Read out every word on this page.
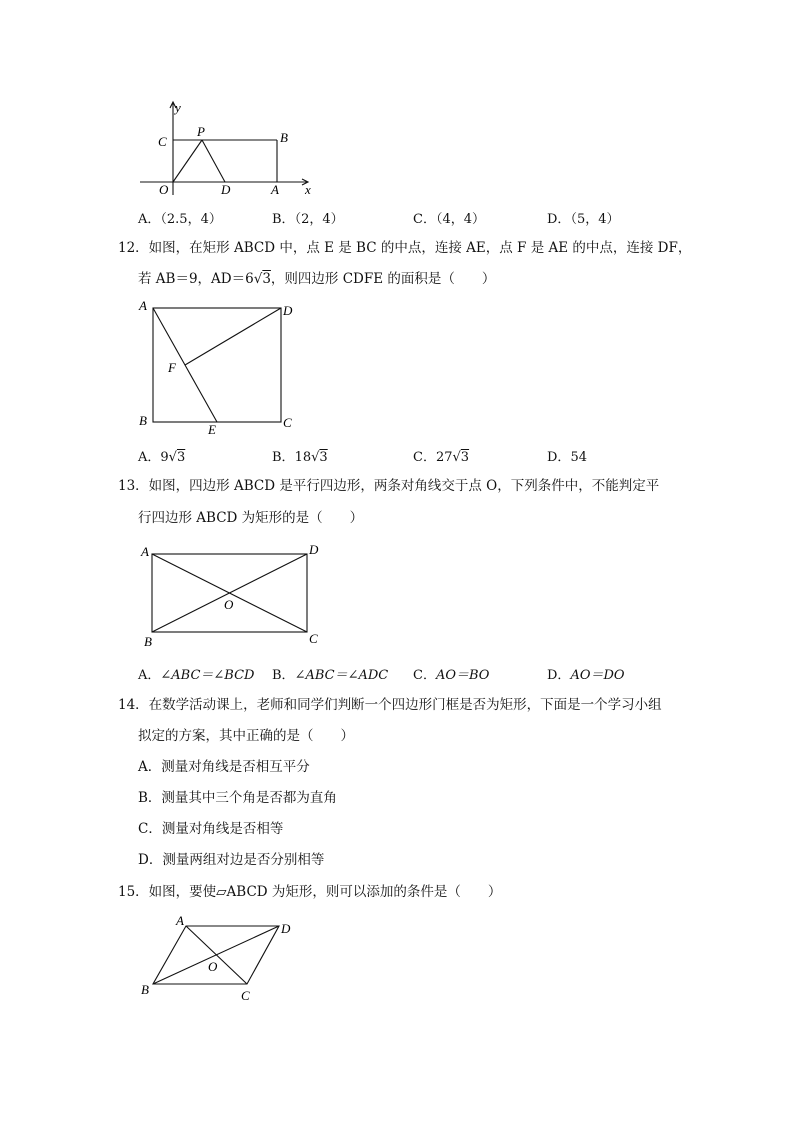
y
C
P	B
O	D	A x
A．（2.5，4）	B．（2，4）	C．（4，4）	D．（5，4）
12．如图，在矩形 ABCD 中，点 E 是 BC 的中点，连接 AE，点 F 是 AE 的中点，连接 DF，
若 AB＝9，AD＝6√3，则四边形 CDFE 的面积是（　　）
A	D
F
B
E	C
A．9√3	B．18√3	C．27√3	D．54
13．如图，四边形 ABCD 是平行四边形，两条对角线交于点 O，下列条件中，不能判定平
行四边形 ABCD 为矩形的是（　　）
A	D
O
B	C
A．∠ABC＝∠BCD B．∠ABC＝∠ADC C．AO＝BO	D．AO＝DO
14．在数学活动课上，老师和同学们判断一个四边形门框是否为矩形，下面是一个学习小组
拟定的方案，其中正确的是（　　）
A．测量对角线是否相互平分
B．测量其中三个角是否都为直角
C．测量对角线是否相等
D．测量两组对边是否分别相等
15．如图，要使▱ABCD 为矩形，则可以添加的条件是（　　）
A
D
O
B	C
